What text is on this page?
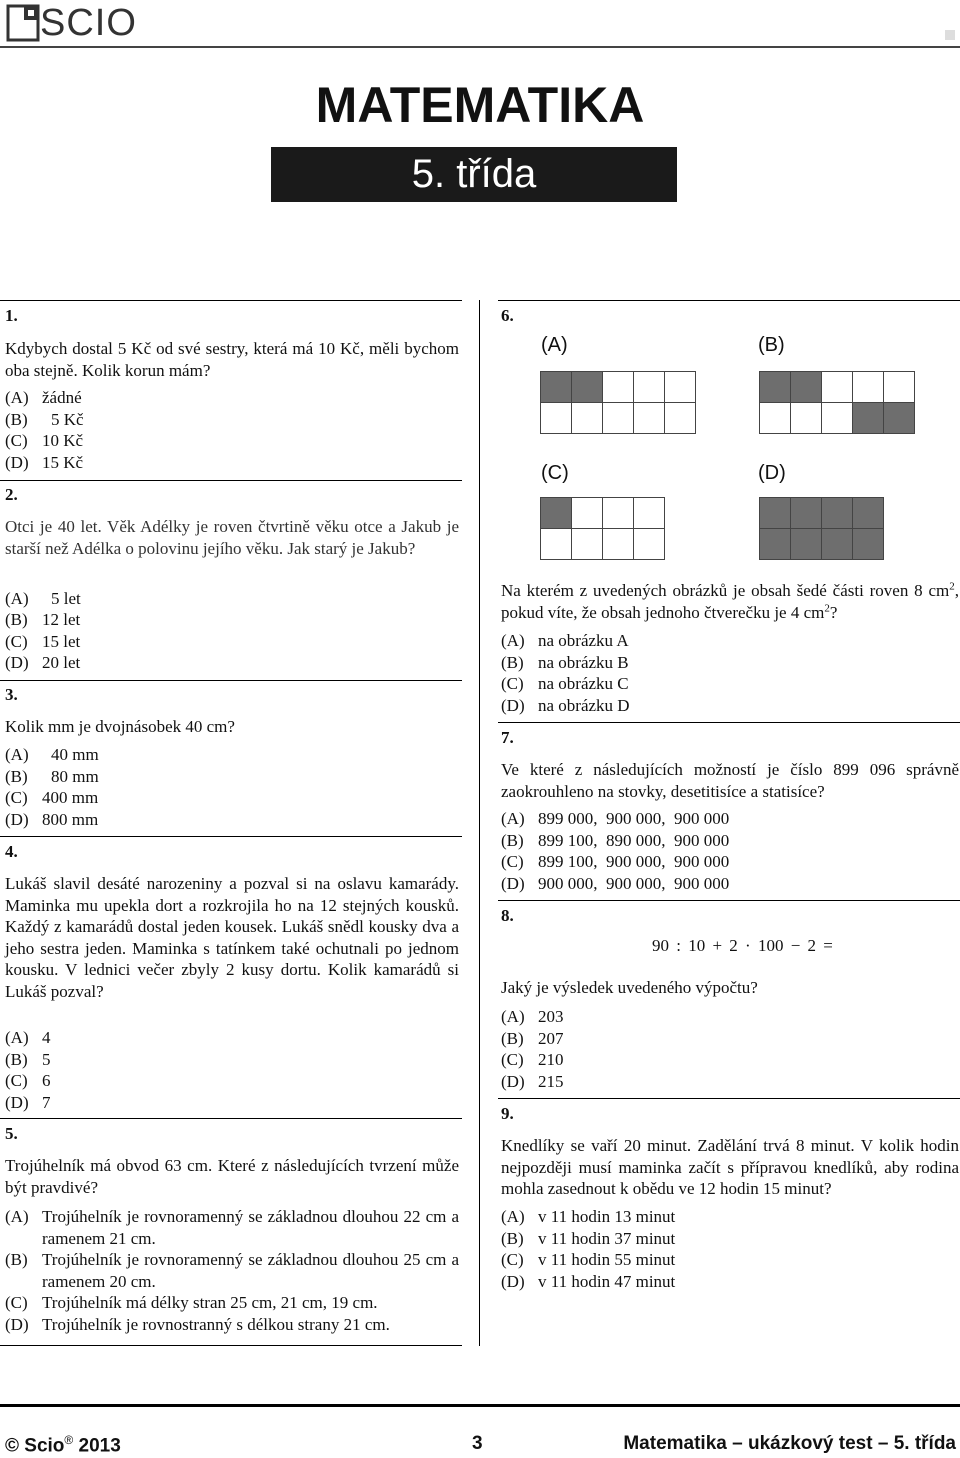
SCIO
MATEMATIKA
5. třída
1.
Kdybych dostal 5 Kč od své sestry, která má 10 Kč, měli bychom oba stejně. Kolik korun mám?
(A) žádné
(B) 5 Kč
(C) 10 Kč
(D) 15 Kč
2.
Otci je 40 let. Věk Adélky je roven čtvrtině věku otce a Jakub je starší než Adélka o polovinu jejího věku. Jak starý je Jakub?
(A) 5 let
(B) 12 let
(C) 15 let
(D) 20 let
3.
Kolik mm je dvojnásobek 40 cm?
(A) 40 mm
(B) 80 mm
(C) 400 mm
(D) 800 mm
4.
Lukáš slavil desáté narozeniny a pozval si na oslavu kamarády. Maminka mu upekla dort a rozkrojila ho na 12 stejných kousků. Každý z kamarádů dostal jeden kousek. Lukáš snědl kousky dva a jeho sestra jeden. Maminka s tatínkem také ochutnali po jednom kousku. V lednici večer zbyly 2 kusy dortu. Kolik kamarádů si Lukáš pozval?
(A) 4
(B) 5
(C) 6
(D) 7
5.
Trojúhelník má obvod 63 cm. Které z následujících tvrzení může být pravdivé?
(A) Trojúhelník je rovnoramenný se základnou dlouhou 22 cm a ramenem 21 cm.
(B) Trojúhelník je rovnoramenný se základnou dlouhou 25 cm a ramenem 20 cm.
(C) Trojúhelník má délky stran 25 cm, 21 cm, 19 cm.
(D) Trojúhelník je rovnostranný s délkou strany 21 cm.
6.
(A)	(B)
(C)	(D)
Na kterém z uvedených obrázků je obsah šedé části roven 8 $cm^2$, pokud víte, že obsah jednoho čtverečku je 4 $cm^2$?
(A) na obrázku A
(B) na obrázku B
(C) na obrázku C
(D) na obrázku D
7.
Ve které z následujících možností je číslo 899 096 správně zaokrouhleno na stovky, desetitisíce a statisíce?
(A) 899 000,  900 000,  900 000
(B) 899 100,  890 000,  900 000
(C) 899 100,  900 000,  900 000
(D) 900 000,  900 000,  900 000
8.
90 : 10 + 2 · 100 − 2 =
Jaký je výsledek uvedeného výpočtu?
(A) 203
(B) 207
(C) 210
(D) 215
9.
Knedlíky se vaří 20 minut. Zadělání trvá 8 minut. V kolik hodin nejpozději musí maminka začít s přípravou knedlíků, aby rodina mohla zasednout k obědu ve 12 hodin 15 minut?
(A) v 11 hodin 13 minut
(B) v 11 hodin 37 minut
(C) v 11 hodin 55 minut
(D) v 11 hodin 47 minut
© Scio® 2013	3	Matematika – ukázkový test – 5. třída
